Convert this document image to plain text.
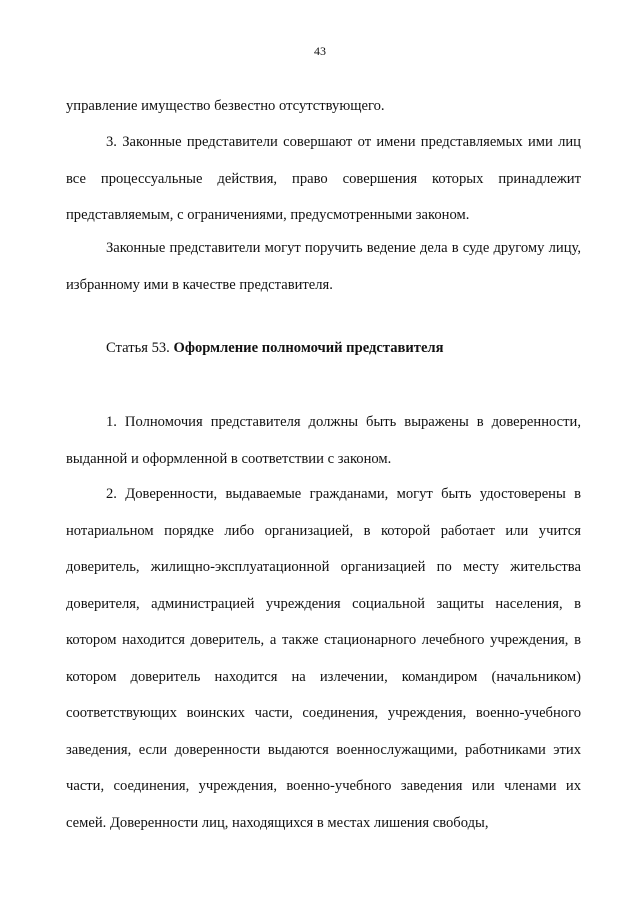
43

управление имущество безвестно отсутствующего.

3. Законные представители совершают от имени представляемых ими лиц все процессуальные действия, право совершения которых принадлежит представляемым, с ограничениями, предусмотренными законом.

Законные представители могут поручить ведение дела в суде другому лицу, избранному ими в качестве представителя.

Статья 53. Оформление полномочий представителя

1. Полномочия представителя должны быть выражены в доверенности, выданной и оформленной в соответствии с законом.

2. Доверенности, выдаваемые гражданами, могут быть удостоверены в нотариальном порядке либо организацией, в которой работает или учится доверитель, жилищно-эксплуатационной организацией по месту жительства доверителя, администрацией учреждения социальной защиты населения, в котором находится доверитель, а также стационарного лечебного учреждения, в котором доверитель находится на излечении, командиром (начальником) соответствующих воинских части, соединения, учреждения, военно-учебного заведения, если доверенности выдаются военнослужащими, работниками этих части, соединения, учреждения, военно-учебного заведения или членами их семей. Доверенности лиц, находящихся в местах лишения свободы,
